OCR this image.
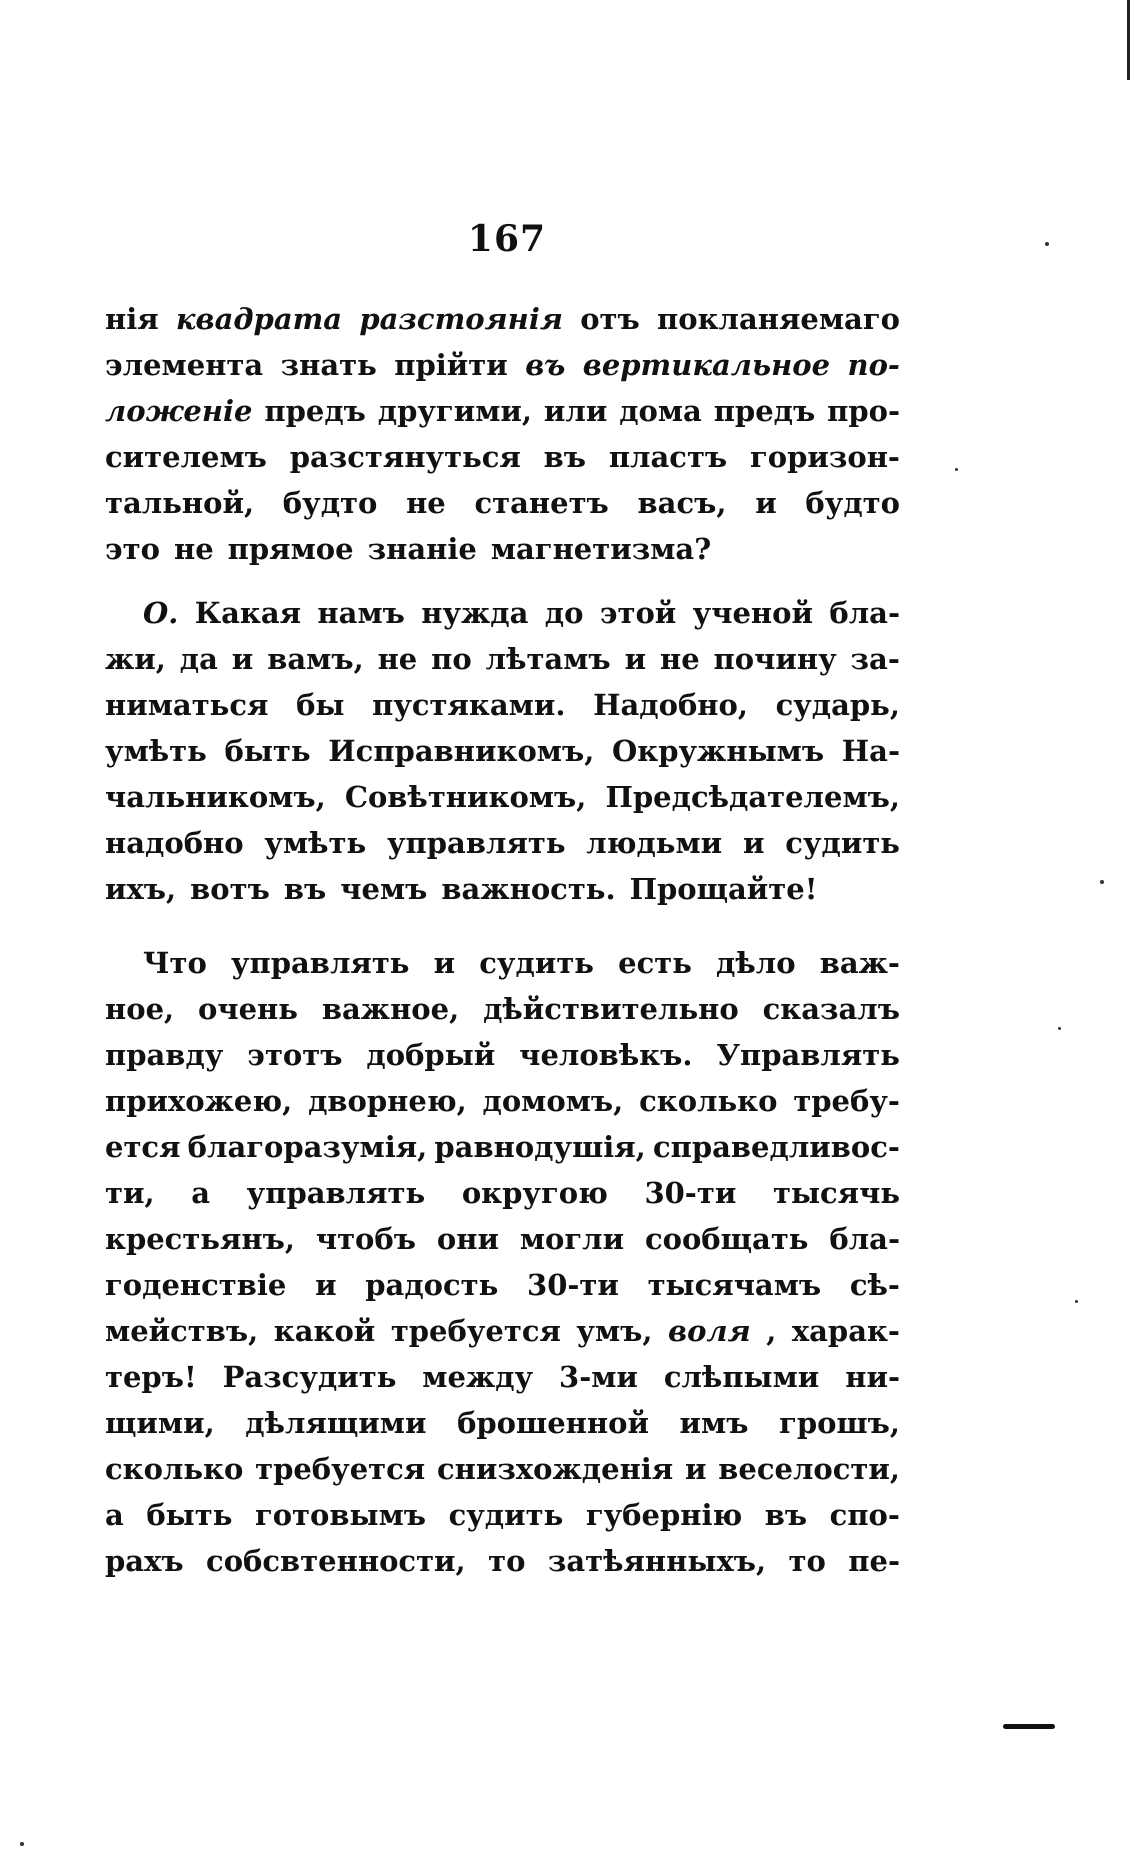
167
нія квадрата разстоянія отъ покланяемаго
элемента знать прійти въ вертикальное по-
ложеніе предъ другими, или дома предъ про-
сителемъ разстянуться въ пластъ горизон-
тальной, будто не станетъ васъ, и будто
это не прямое знаніе магнетизма?
О. Какая намъ нужда до этой ученой бла-
жи, да и вамъ, не по лѣтамъ и не почину за-
ниматься бы пустяками. Надобно, сударь,
умѣть быть Исправникомъ, Окружнымъ На-
чальникомъ, Совѣтникомъ, Предсѣдателемъ,
надобно умѣть управлять людьми и судить
ихъ, вотъ въ чемъ важность. Прощайте!
Что управлять и судить есть дѣло важ-
ное, очень важное, дѣйствительно сказалъ
правду этотъ добрый человѣкъ. Управлять
прихожею, дворнею, домомъ, сколько требу-
ется благоразумія, равнодушія, справедливос-
ти, а управлять округою 30-ти тысячь
крестьянъ, чтобъ они могли сообщать бла-
годенствіе и радость 30-ти тысячамъ сѣ-
мействъ, какой требуется умъ, воля , харак-
теръ! Разсудить между 3-ми слѣпыми ни-
щими, дѣлящими брошенной имъ грошъ,
сколько требуется снизхожденія и веселости,
а быть готовымъ судить губернію въ спо-
рахъ собсвтенности, то затѣянныхъ, то пе-
